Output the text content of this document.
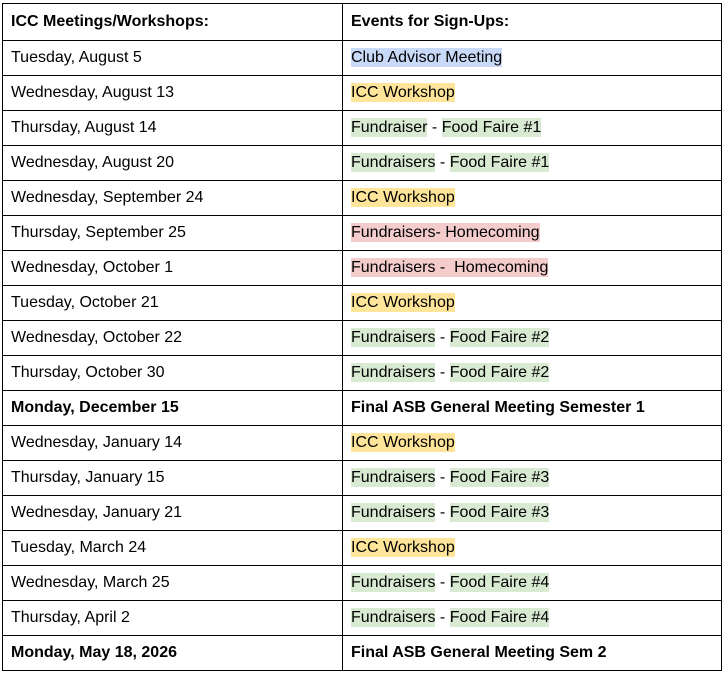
ICC Meetings/Workshops:	Events for Sign-Ups:
Tuesday, August 5	Club Advisor Meeting
Wednesday, August 13	ICC Workshop
Thursday, August 14	Fundraiser - Food Faire #1
Wednesday, August 20	Fundraisers - Food Faire #1
Wednesday, September 24	ICC Workshop
Thursday, September 25	Fundraisers- Homecoming
Wednesday, October 1	Fundraisers -  Homecoming
Tuesday, October 21	ICC Workshop
Wednesday, October 22	Fundraisers - Food Faire #2
Thursday, October 30	Fundraisers - Food Faire #2
Monday, December 15	Final ASB General Meeting Semester 1
Wednesday, January 14	ICC Workshop
Thursday, January 15	Fundraisers - Food Faire #3
Wednesday, January 21	Fundraisers - Food Faire #3
Tuesday, March 24	ICC Workshop
Wednesday, March 25	Fundraisers - Food Faire #4
Thursday, April 2	Fundraisers - Food Faire #4
Monday, May 18, 2026	Final ASB General Meeting Sem 2
